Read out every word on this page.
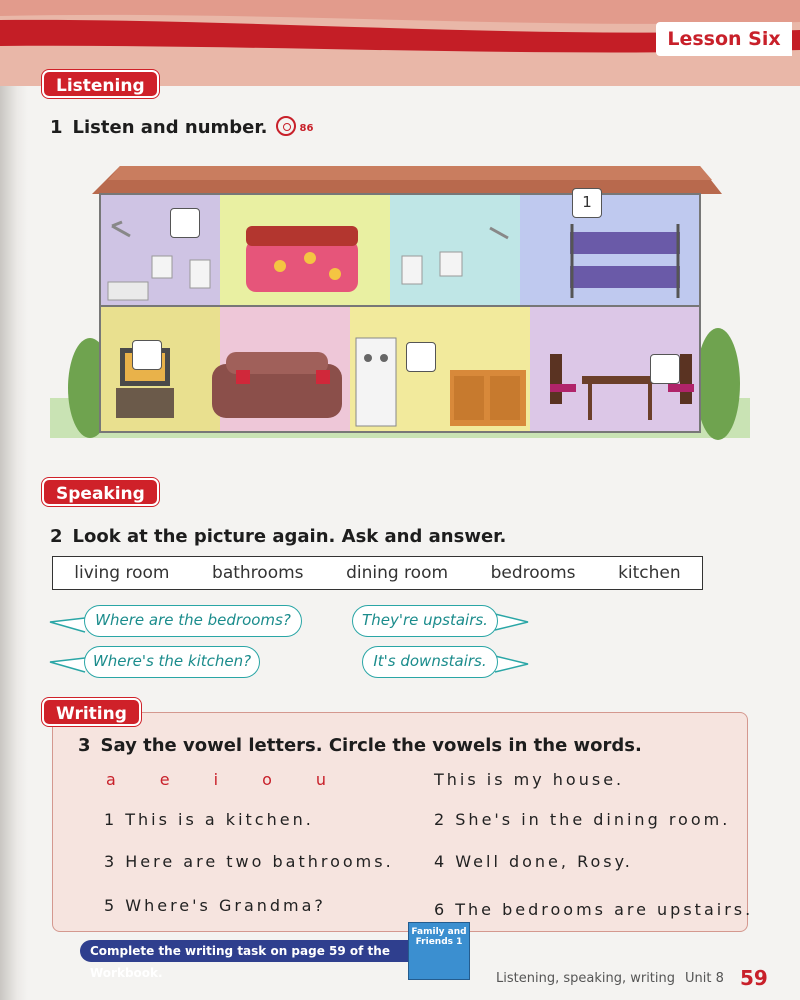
Lesson Six
Listening
1 Listen and number.	86
1
Speaking
2 Look at the picture again. Ask and answer.
living room	bathrooms	dining room	bedrooms	kitchen
Where are the bedrooms?	They're upstairs.
Where's the kitchen?	It's downstairs.
Writing
3 Say the vowel letters. Circle the vowels in the words.
a	e	i	o	u	This is my house.
1 This is a kitchen.	2 She's in the dining room.
3 Here are two bathrooms.	4 Well done, Rosy.
5 Where's Grandma?	6 The bedrooms are upstairs.
Complete the writing task on page 59 of the Workbook.
Family and Friends 1
Listening, speaking, writing Unit 8 59
